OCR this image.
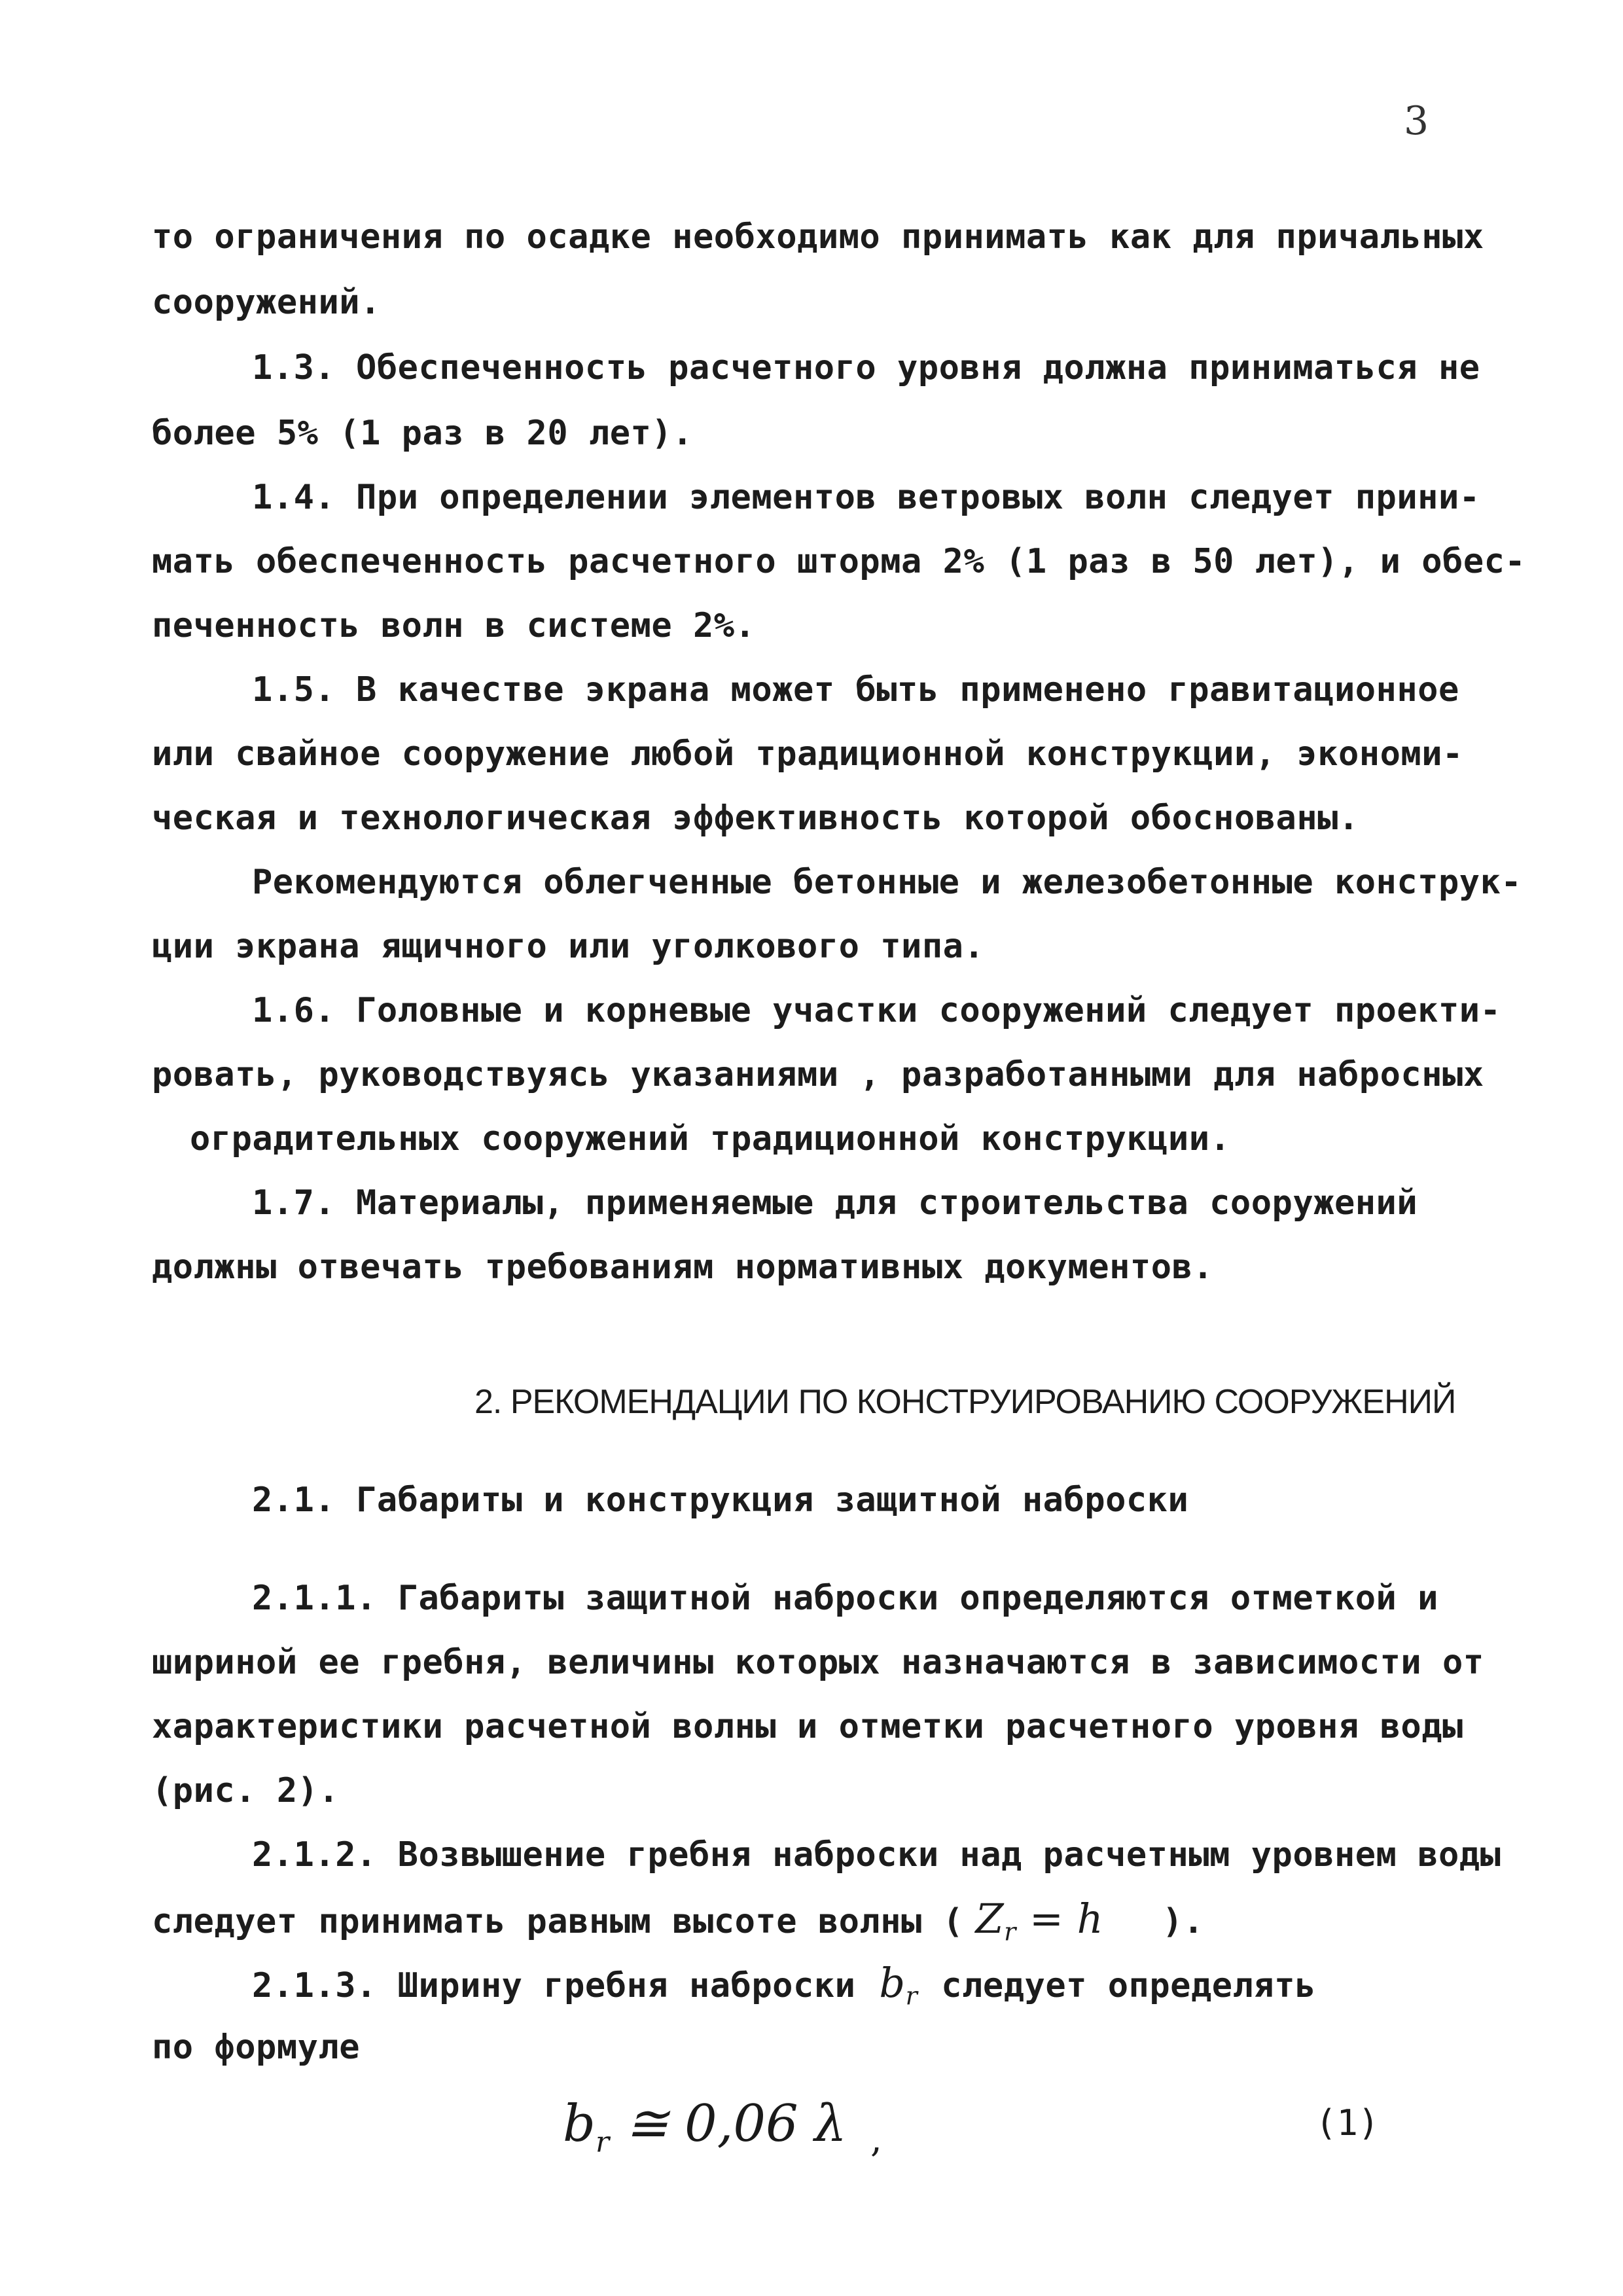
3
то ограничения по осадке необходимо принимать как для причальных
сооружений.
1.3. Обеспеченность расчетного уровня должна приниматься не
более 5% (1 раз в 20 лет).
1.4. При определении элементов ветровых волн следует прини-
мать обеспеченность расчетного шторма 2% (1 раз в 50 лет), и обес-
печенность волн в системе 2%.
1.5. В качестве экрана может быть применено гравитационное
или свайное сооружение любой традиционной конструкции, экономи-
ческая и технологическая эффективность которой обоснованы.
Рекомендуются облегченные бетонные и железобетонные конструк-
ции экрана ящичного или уголкового типа.
1.6. Головные и корневые участки сооружений следует проекти-
ровать, руководствуясь указаниями , разработанными для набросных
оградительных сооружений традиционной конструкции.
1.7. Материалы, применяемые для строительства сооружений
должны отвечать требованиям нормативных документов.
2. РЕКОМЕНДАЦИИ ПО КОНСТРУИРОВАНИЮ СООРУЖЕНИЙ
2.1. Габариты и конструкция защитной наброски
2.1.1. Габариты защитной наброски определяются отметкой и
шириной ее гребня, величины которых назначаются в зависимости от
характеристики расчетной волны и отметки расчетного уровня воды
(рис. 2).
2.1.2. Возвышение гребня наброски над расчетным уровнем воды
следует принимать равным высоте волны ( $Z_r = h$ ).
2.1.3. Ширину гребня наброски $b_r$ следует определять
по формуле
$b_r$ ≅ 0,06 λ ,	(1)
